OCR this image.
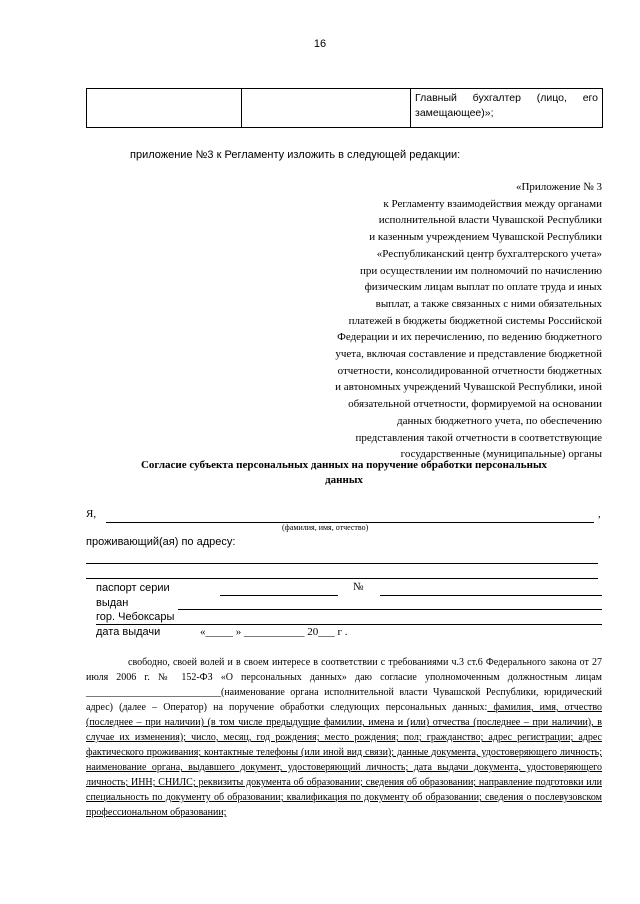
16
		Главный бухгалтер (лицо, его замещающее)»;
приложение №3 к Регламенту изложить в следующей редакции:
«Приложение № 3
к Регламенту взаимодействия между органами
исполнительной власти Чувашской Республики
и казенным учреждением Чувашской Республики
«Республиканский центр бухгалтерского учета»
при осуществлении им полномочий по начислению
физическим лицам выплат по оплате труда и иных
выплат, а также связанных с ними обязательных
платежей в бюджеты бюджетной системы Российской
Федерации и их перечислению, по ведению бюджетного
учета, включая составление и представление бюджетной
отчетности, консолидированной отчетности бюджетных
и автономных учреждений Чувашской Республики, иной
обязательной отчетности, формируемой на основании
данных бюджетного учета, по обеспечению
представления такой отчетности в соответствующие
государственные (муниципальные) органы
Согласие субъекта персональных данных на поручение обработки персональных
данных
Я,	,
(фамилия, имя, отчество)
проживающий(ая) по адресу:
паспорт серии	№
выдан
гор. Чебоксары
дата выдачи	«_____ » ___________ 20___ г .
свободно, своей волей и в своем интересе в соответствии с требованиями ч.3 ст.6 Федерального закона от 27 июля 2006 г. № 152-ФЗ «О персональных данных» даю согласие уполномоченным должностным лицам ___________________________(наименование органа исполнительной власти Чувашской Республики, юридический адрес) (далее – Оператор) на поручение обработки следующих персональных данных: фамилия, имя, отчество (последнее – при наличии) (в том числе предыдущие фамилии, имена и (или) отчества (последнее – при наличии), в случае их изменения); число, месяц, год рождения; место рождения; пол; гражданство; адрес регистрации; адрес фактического проживания; контактные телефоны (или иной вид связи); данные документа, удостоверяющего личность; наименование органа, выдавшего документ, удостоверяющий личность; дата выдачи документа, удостоверяющего личность; ИНН; СНИЛС; реквизиты документа об образовании; сведения об образовании; направление подготовки или специальность по документу об образовании; квалификация по документу об образовании; сведения о послевузовском профессиональном образовании;
